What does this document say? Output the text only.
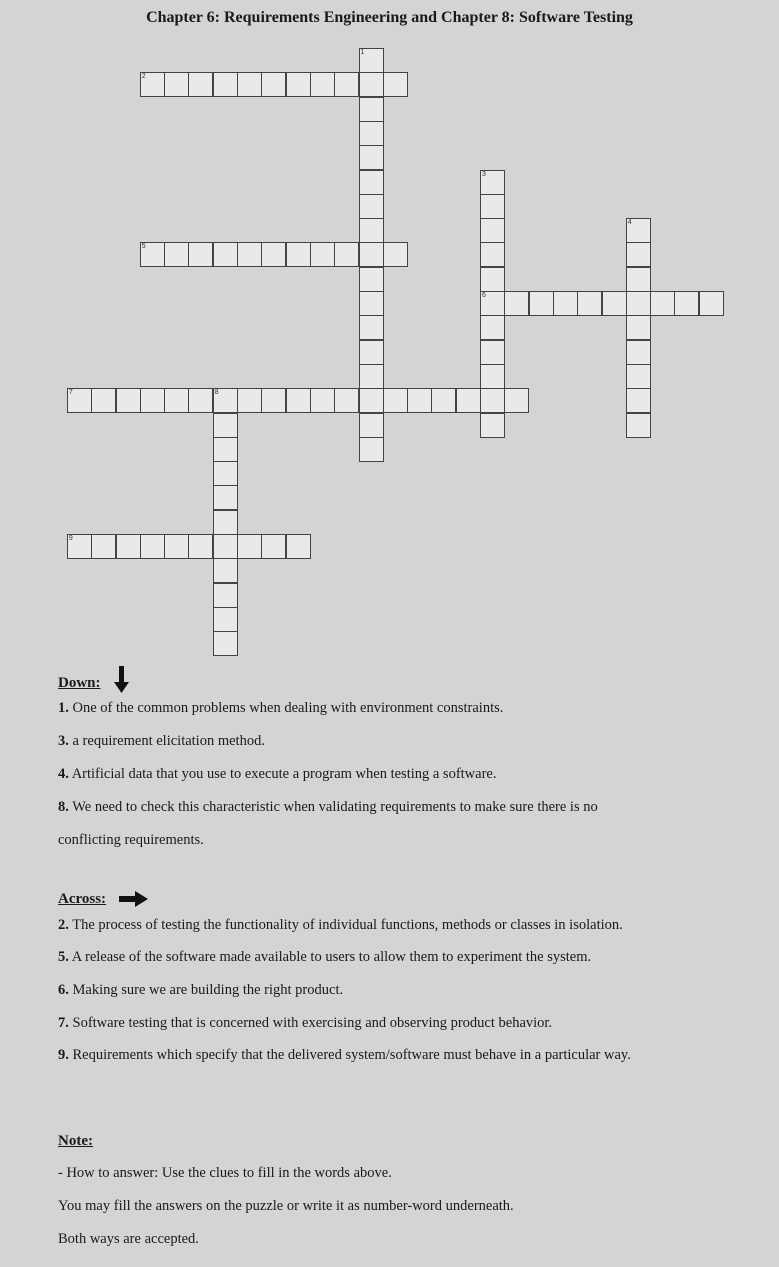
Chapter 6: Requirements Engineering and Chapter 8: Software Testing
1
2
3
6
4
5
7	8
9
Down:
1. One of the common problems when dealing with environment constraints.
3. a requirement elicitation method.
4. Artificial data that you use to execute a program when testing a software.
8. We need to check this characteristic when validating requirements to make sure there is no
conflicting requirements.
Across:
2. The process of testing the functionality of individual functions, methods or classes in isolation.
5. A release of the software made available to users to allow them to experiment the system.
6. Making sure we are building the right product.
7. Software testing that is concerned with exercising and observing product behavior.
9. Requirements which specify that the delivered system/software must behave in a particular way.
Note:
- How to answer: Use the clues to fill in the words above.
You may fill the answers on the puzzle or write it as number-word underneath.
Both ways are accepted.
